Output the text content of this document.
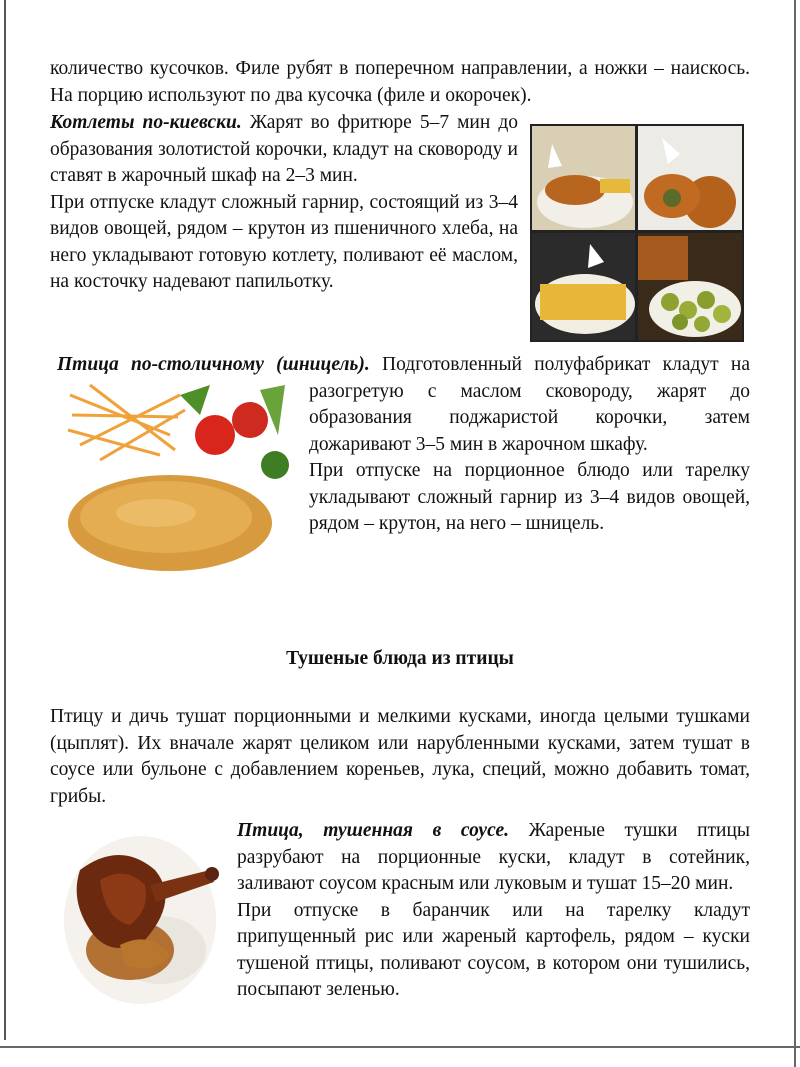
количество кусочков. Филе рубят в поперечном направлении, а ножки – наискось. На порцию используют по два кусочка (филе и окорочек).

Котлеты по-киевски. Жарят во фритюре 5–7 мин до образования золотистой корочки, кладут на сковороду и ставят в жарочный шкаф на 2–3 мин.

При отпуске кладут сложный гарнир, состоящий из 3–4 видов овощей, рядом – крутон из пшеничного хлеба, на него укладывают готовую котлету, поливают её маслом, на косточку надевают папильотку.

Птица по-столичному (шницель). Подготовленный полуфабрикат кладут на разогретую с маслом сковороду, жарят до образования поджаристой корочки, затем дожаривают 3–5 мин в жарочном шкафу.

При отпуске на порционное блюдо или тарелку укладывают сложный гарнир из 3–4 видов овощей, рядом – крутон, на него – шницель.

Тушеные блюда из птицы

Птицу и дичь тушат порционными и мелкими кусками, иногда целыми тушками (цыплят). Их вначале жарят целиком или нарубленными кусками, затем тушат в соусе или бульоне с добавлением кореньев, лука, специй, можно добавить томат, грибы.

Птица, тушенная в соусе. Жареные тушки птицы разрубают на порционные куски, кладут в сотейник, заливают соусом красным или луковым и тушат 15–20 мин.

При отпуске в баранчик или на тарелку кладут припущенный рис или жареный картофель, рядом – куски тушеной птицы, поливают соусом, в котором они тушились, посыпают зеленью.
